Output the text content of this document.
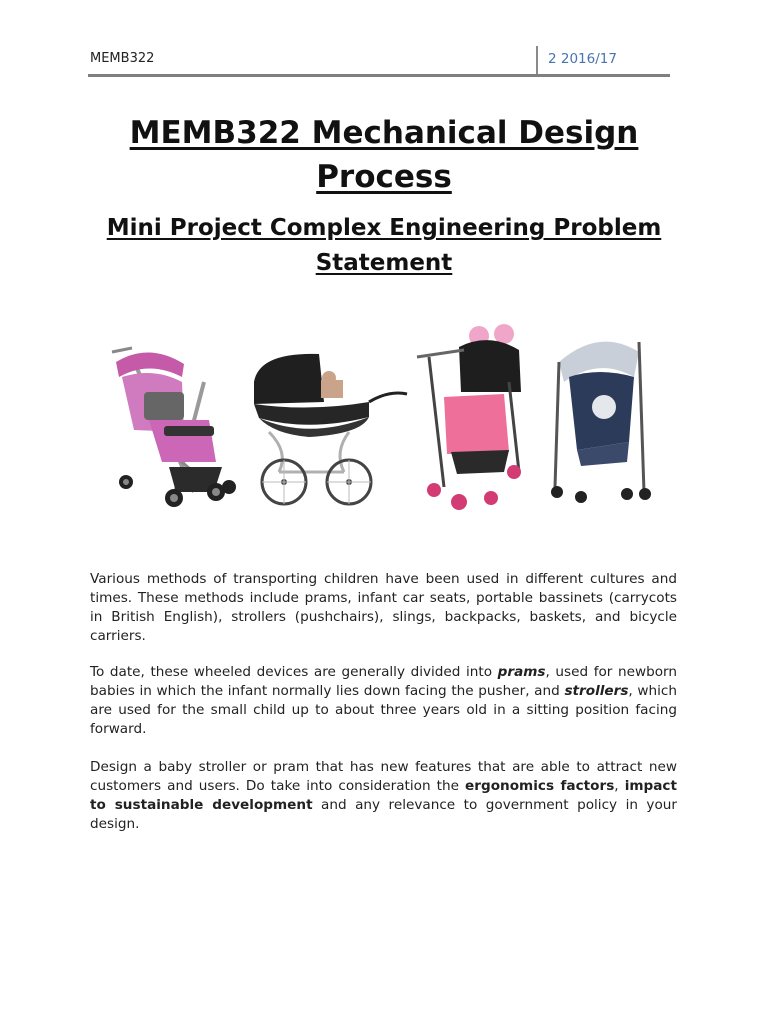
MEMB322	2 2016/17
MEMB322 Mechanical Design Process
Mini Project Complex Engineering Problem Statement

Various methods of transporting children have been used in different cultures and times. These methods include prams, infant car seats, portable bassinets (carrycots in British English), strollers (pushchairs), slings, backpacks, baskets, and bicycle carriers.

To date, these wheeled devices are generally divided into prams, used for newborn babies in which the infant normally lies down facing the pusher, and strollers, which are used for the small child up to about three years old in a sitting position facing forward.

Design a baby stroller or pram that has new features that are able to attract new customers and users. Do take into consideration the ergonomics factors, impact to sustainable development and any relevance to government policy in your design.
